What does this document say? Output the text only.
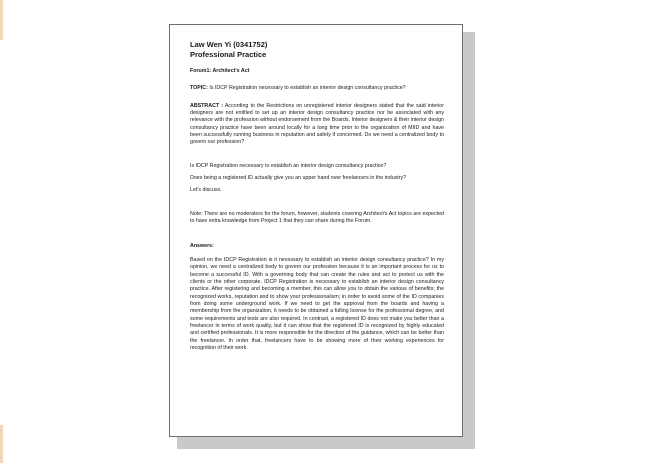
Law Wen Yi (0341752)

Professional Practice

Forum1: Architect's Act

TOPIC: Is IDCP Registration necessary to establish an interior design consultancy practice?

ABSTRACT : According to the Restrictions on unregistered interior designers stated that the said interior designers are not entitled to set up an interior design consultancy practice nor be associated with any relevance with the profession without endorsement from the Boards. Interior designers & their interior design consultancy practice have been around locally for a long time prior to the organization of MIID and have been successfully running business in reputation and safety if concerned. Do we need a centralized body to govern our profession?

Is IDCP Registration necessary to establish an interior design consultancy practice?

Does being a registered ID actually give you an upper hand over freelancers in the industry?

Let's discuss.

Note: There are no moderators for the forum, however, students covering Architect's Act topics are expected to have extra knowledge from Project 1 that they can share during the Forum.

Answers:

Based on the IDCP Registration is it necessary to establish an interior design consultancy practice? In my opinion, we need a centralized body to govern our profession because it is an important process for us to become a successful ID. With a governing body that can create the rules and act to protect us with the clients or the other corporate. IDCP Registration is necessary to establish an interior design consultancy practice. After registering and becoming a member, this can allow you to obtain the various of benefits; the recognized works, reputation and to show your professionalism; in order to avoid some of the ID companies from doing some underground work. If we need to get the approval from the boards and having a membership from the organization, it needs to be obtained a fulling license for the professional degree, and some requirements and tests are also required. In contrast, a registered ID does not make you better than a freelancer in terms of work quality, but it can show that the registered ID is recognized by highly educated and certified professionals. It is more responsible for the direction of the guidance, which can be better than the freelancer. In order that, freelancers have to be showing more of their working experiences for recognition of their work.
